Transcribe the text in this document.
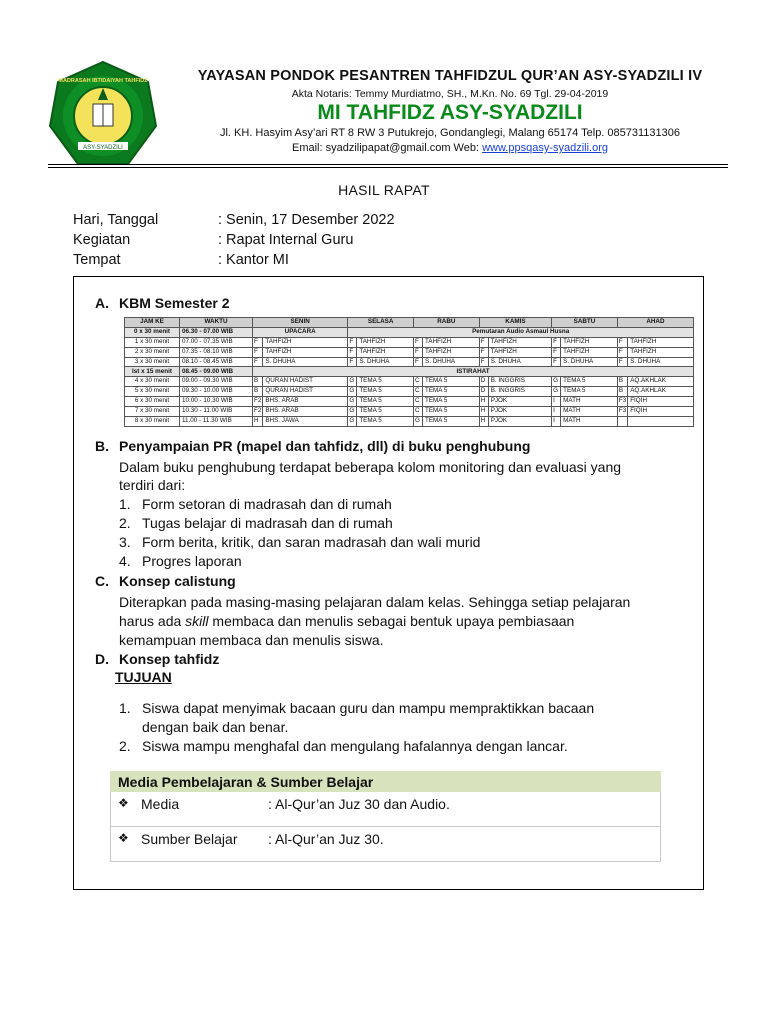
ASY-SYADZILI
MADRASAH IBTIDAIYAH TAHFIDZ	YAYASAN PONDOK PESANTREN TAHFIDZUL QUR’AN ASY-SYADZILI IV
Akta Notaris: Temmy Murdiatmo, SH., M.Kn. No. 69 Tgl. 29-04-2019
MI TAHFIDZ ASY-SYADZILI
Jl. KH. Hasyim Asy’ari RT 8 RW 3 Putukrejo, Gondanglegi, Malang 65174 Telp. 085731131306
Email: syadzilipapat@gmail.com Web: www.ppsqasy-syadzili.org
HASIL RAPAT
Hari, Tanggal	: Senin, 17 Desember 2022
Kegiatan	: Rapat Internal Guru
Tempat	: Kantor MI
A. KBM Semester 2
JAM KE	WAKTU	SENIN		SELASA		RABU		KAMIS		SABTU		AHAD	
0 x 30 menit	06.30 - 07.00 WIB	UPACARA		Pemutaran Audio Asmaul Husna									
1 x 30 menit	07.00 - 07.35 WIB	F	TAHFIZH	F	TAHFIZH	F	TAHFIZH	F	TAHFIZH	F	TAHFIZH	F	TAHFIZH
2 x 30 menit	07.35 - 08.10 WIB	F	TAHFIZH	F	TAHFIZH	F	TAHFIZH	F	TAHFIZH	F	TAHFIZH	F	TAHFIZH
3 x 30 menit	08.10 - 08.45 WIB	F	S. DHUHA	F	S. DHUHA	F	S. DHUHA	F	S. DHUHA	F	S. DHUHA	F	S. DHUHA
Ist x 15 menit	08.45 - 09.00 WIB	ISTIRAHAT											
4 x 30 menit	09.00 - 09.30 WIB	B	QURAN HADIST	G	TEMA 5	C	TEMA 5	D	B. INGGRIS	G	TEMA 5	B	AQ.AKHLAK
5 x 30 menit	09.30 - 10.00 WIB	B	QURAN HADIST	G	TEMA 5	C	TEMA 5	D	B. INGGRIS	G	TEMA 5	B	AQ.AKHLAK
6 x 30 menit	10.00 - 10.30 WIB	F2	BHS. ARAB	G	TEMA 5	C	TEMA 5	H	PJOK	I	MATH	F3	FIQIH
7 x 30 menit	10.30 - 11.00 WIB	F2	BHS. ARAB	G	TEMA 5	C	TEMA 5	H	PJOK	I	MATH	F3	FIQIH
8 x 30 menit	11.00 - 11.30 WIB	H	BHS. JAWA	G	TEMA 5	G	TEMA 5	H	PJOK	I	MATH		
B. Penyampaian PR (mapel dan tahfidz, dll) di buku penghubung
Dalam buku penghubung terdapat beberapa kolom monitoring dan evaluasi yang
terdiri dari:
1. Form setoran di madrasah dan di rumah
2. Tugas belajar di madrasah dan di rumah
3. Form berita, kritik, dan saran madrasah dan wali murid
4. Progres laporan
C. Konsep calistung
Diterapkan pada masing-masing pelajaran dalam kelas. Sehingga setiap pelajaran
harus ada skill membaca dan menulis sebagai bentuk upaya pembiasaan
kemampuan membaca dan menulis siswa.
D. Konsep tahfidz
TUJUAN
1. Siswa dapat menyimak bacaan guru dan mampu mempraktikkan bacaan
dengan baik dan benar.
2. Siswa mampu menghafal dan mengulang hafalannya dengan lancar.
Media Pembelajaran & Sumber Belajar
❖ Media	: Al-Qur’an Juz 30 dan Audio.
❖ Sumber Belajar : Al-Qur’an Juz 30.
